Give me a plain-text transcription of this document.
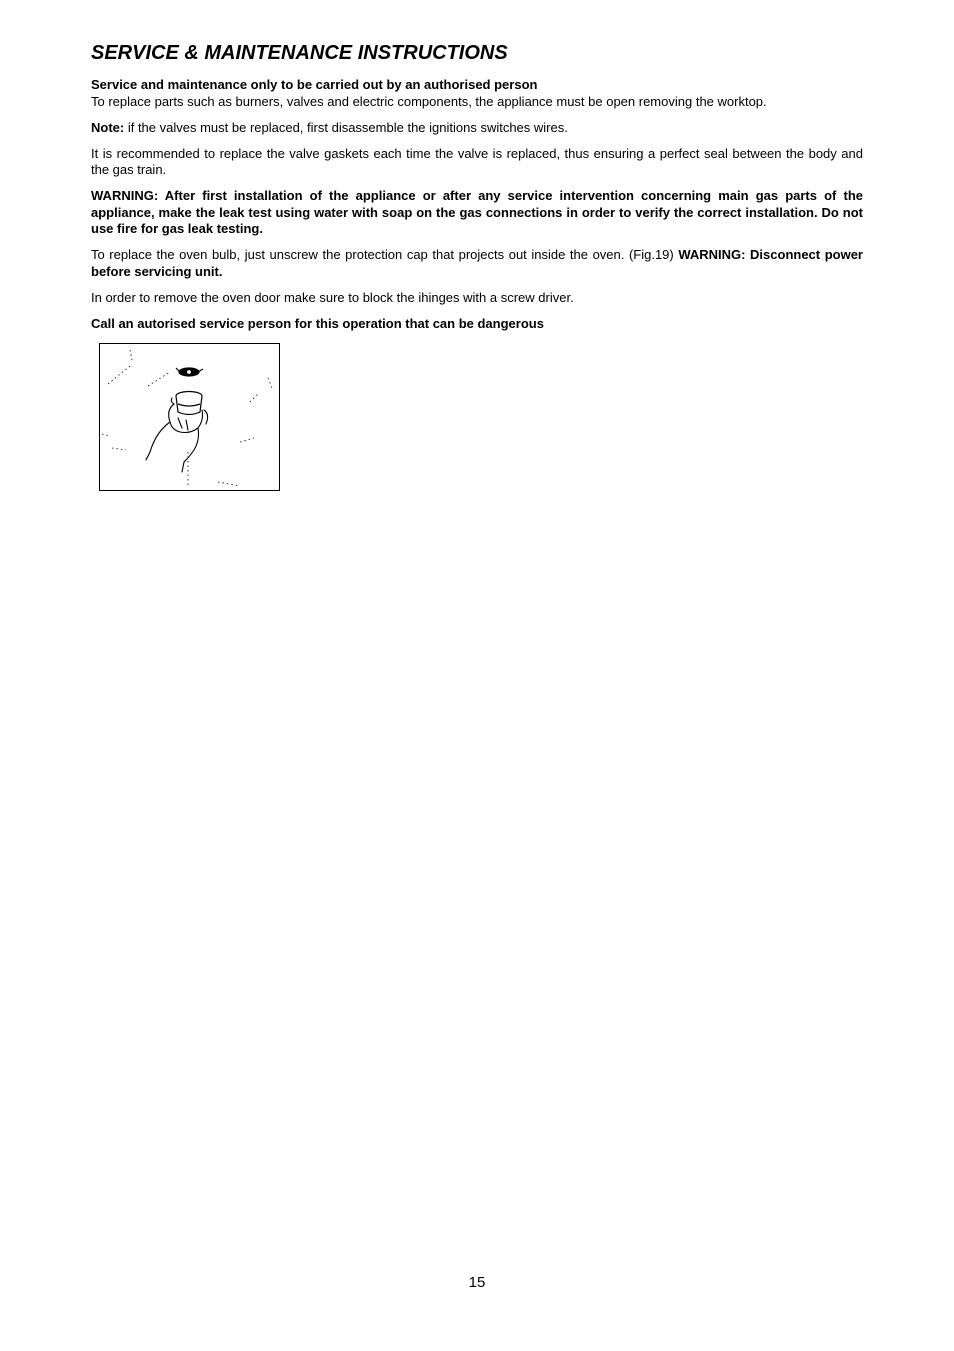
SERVICE & MAINTENANCE INSTRUCTIONS

Service and maintenance only to be carried out by an authorised person
To replace parts such as burners, valves and electric components, the appliance must be open removing the worktop.

Note: if the valves must be replaced, first disassemble the ignitions switches wires.

It is recommended to replace the valve gaskets each time the valve is replaced, thus ensuring a perfect seal between the body and the gas train.

WARNING: After first installation of the appliance or after any service intervention concerning main gas parts of the appliance, make the leak test using water with soap on the gas connections in order to verify the correct installation. Do not use fire for gas leak testing.

To replace the oven bulb, just unscrew the protection cap that projects out inside the oven. (Fig.19) WARNING: Disconnect power before servicing unit.

In order to remove the oven door make sure to block the ihinges with a screw driver.

Call an autorised service person for this operation that can be dangerous

15
